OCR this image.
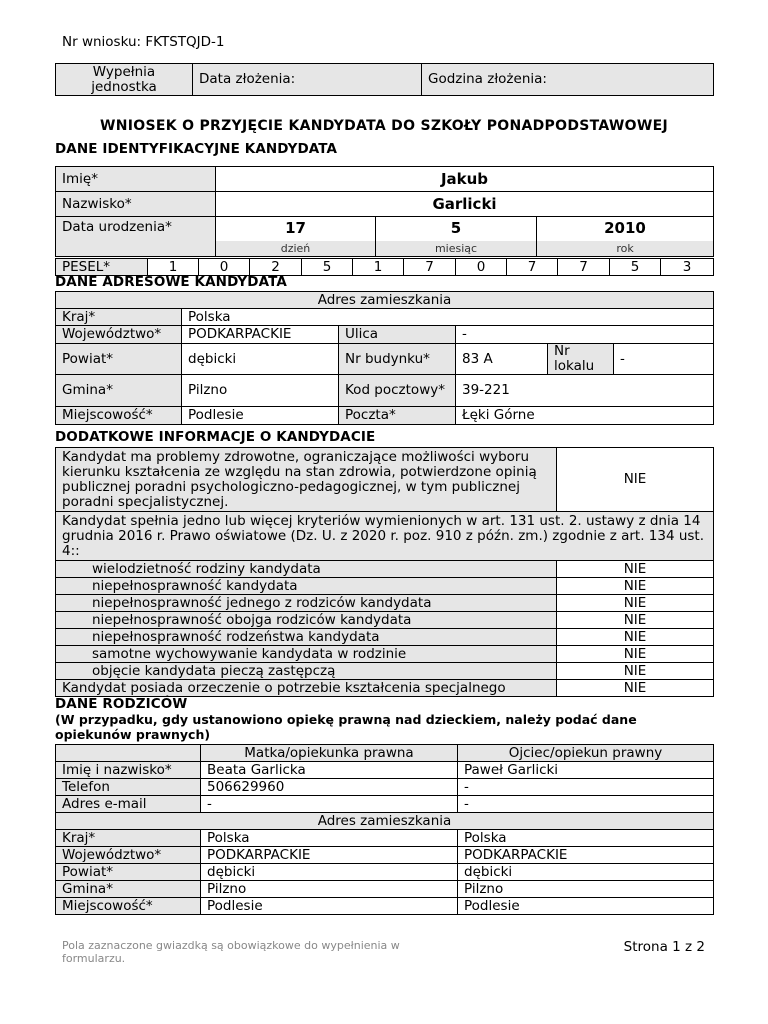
Nr wniosku: FKTSTQJD-1
Wypełnia jednostka	Data złożenia:	Godzina złożenia:
WNIOSEK O PRZYJĘCIE KANDYDATA DO SZKOŁY PONADPODSTAWOWEJ
DANE IDENTYFIKACYJNE KANDYDATA
Imię*	Jakub		
Nazwisko*	Garlicki		
Data urodzenia*	17	5	2010
	dzień	miesiąc	rok
PESEL*	1	0	2	5	1	7	0	7	7	5	3
DANE ADRESOWE KANDYDATA
Adres zamieszkania					
Kraj*	Polska				
Województwo*	PODKARPACKIE	Ulica	-		
Powiat*	dębicki	Nr budynku*	83 A	Nr lokalu	-
Gmina*	Pilzno	Kod pocztowy*	39-221		
Miejscowość*	Podlesie	Poczta*	Łęki Górne		
DODATKOWE INFORMACJE O KANDYDACIE
Kandydat ma problemy zdrowotne, ograniczające możliwości wyboru kierunku kształcenia ze względu na stan zdrowia, potwierdzone opinią publicznej poradni psychologiczno-pedagogicznej, w tym publicznej poradni specjalistycznej.	NIE
Kandydat spełnia jedno lub więcej kryteriów wymienionych w art. 131 ust. 2. ustawy z dnia 14 grudnia 2016 r. Prawo oświatowe (Dz. U. z 2020 r. poz. 910 z późn. zm.) zgodnie z art. 134 ust. 4::	
wielodzietność rodziny kandydata	NIE
niepełnosprawność kandydata	NIE
niepełnosprawność jednego z rodziców kandydata	NIE
niepełnosprawność obojga rodziców kandydata	NIE
niepełnosprawność rodzeństwa kandydata	NIE
samotne wychowywanie kandydata w rodzinie	NIE
objęcie kandydata pieczą zastępczą	NIE
Kandydat posiada orzeczenie o potrzebie kształcenia specjalnego	NIE
DANE RODZICÓW
(W przypadku, gdy ustanowiono opiekę prawną nad dzieckiem, należy podać dane opiekunów prawnych)
	Matka/opiekunka prawna	Ojciec/opiekun prawny
Imię i nazwisko*	Beata Garlicka	Paweł Garlicki
Telefon	506629960	-
Adres e-mail	-	-
Adres zamieszkania		
Kraj*	Polska	Polska
Województwo*	PODKARPACKIE	PODKARPACKIE
Powiat*	dębicki	dębicki
Gmina*	Pilzno	Pilzno
Miejscowość*	Podlesie	Podlesie
Pola zaznaczone gwiazdką są obowiązkowe do wypełnienia w formularzu.
Strona 1 z 2
